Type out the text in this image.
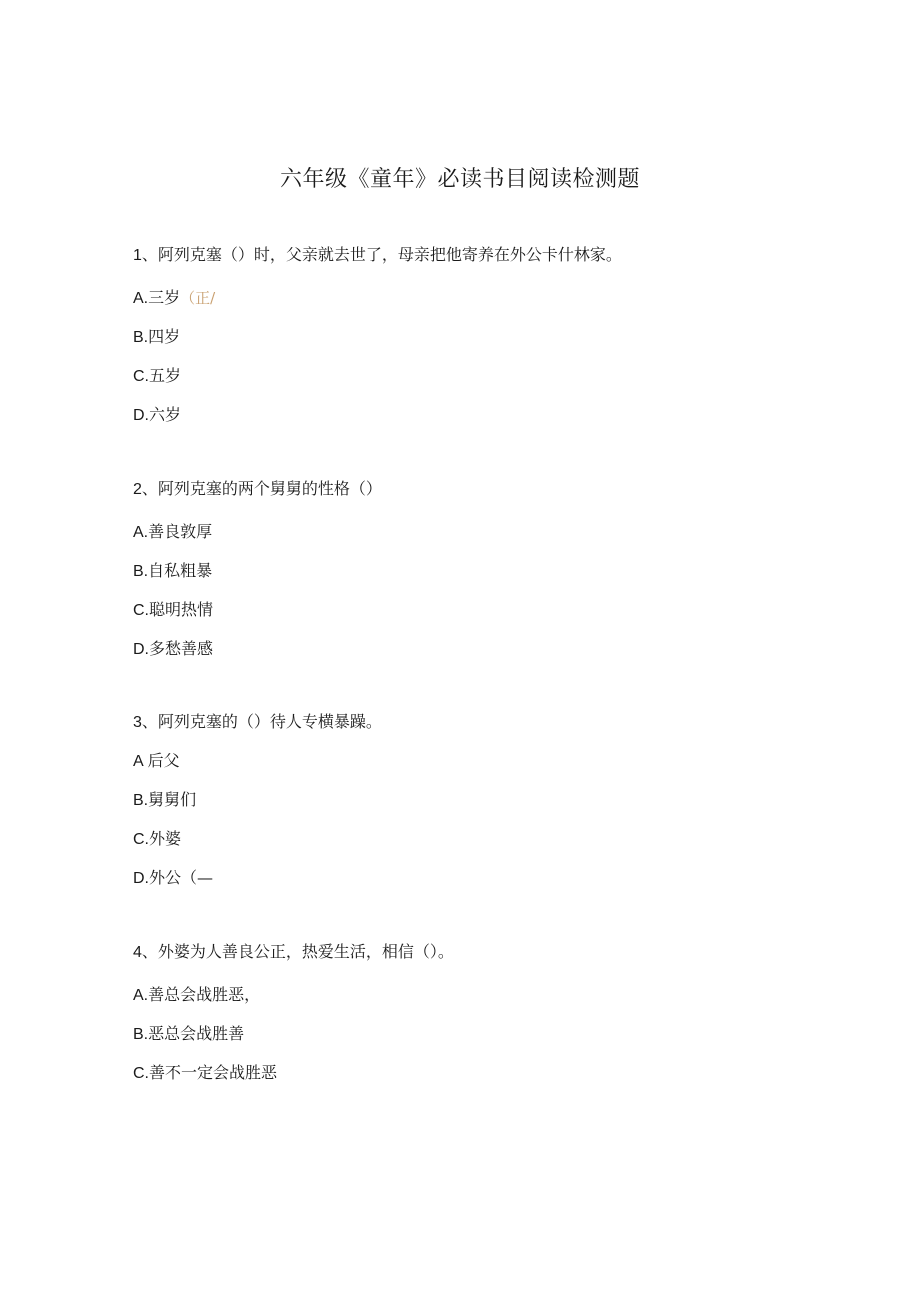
六年级《童年》必读书目阅读检测题
1、阿列克塞（）时，父亲就去世了，母亲把他寄养在外公卡什林家。
A.三岁（正/
B.四岁
C.五岁
D.六岁
2、阿列克塞的两个舅舅的性格（）
A.善良敦厚
B.自私粗暴
C.聪明热情
D.多愁善感
3、阿列克塞的（）待人专横暴躁。
A 后父
B.舅舅们
C.外婆
D.外公（—
4、外婆为人善良公正，热爱生活，相信（）。
A.善总会战胜恶，
B.恶总会战胜善
C.善不一定会战胜恶
